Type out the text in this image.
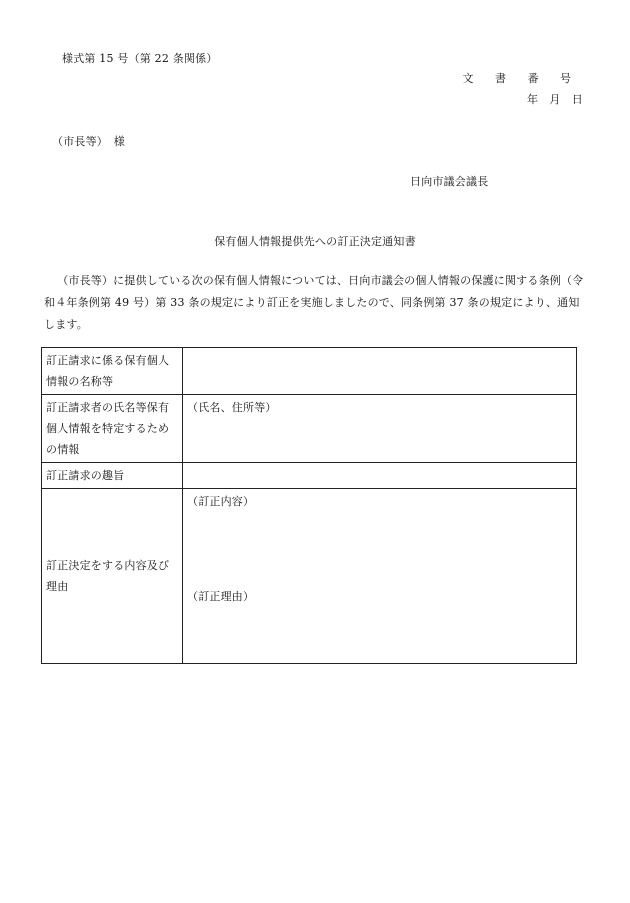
様式第 15 号（第 22 条関係）
文 書 番 号
年　月　日
（市長等）　様
日向市議会議長
保有個人情報提供先への訂正決定通知書
（市長等）に提供している次の保有個人情報については、日向市議会の個人情報の保護に関する条例（令和４年条例第 49 号）第 33 条の規定により訂正を実施しましたので、同条例第 37 条の規定により、通知します。
訂正請求に係る保有個人情報の名称等	
訂正請求者の氏名等保有個人情報を特定するための情報	（氏名、住所等）
訂正請求の趣旨	
訂正決定をする内容及び理由	（訂正内容）
（訂正理由）
